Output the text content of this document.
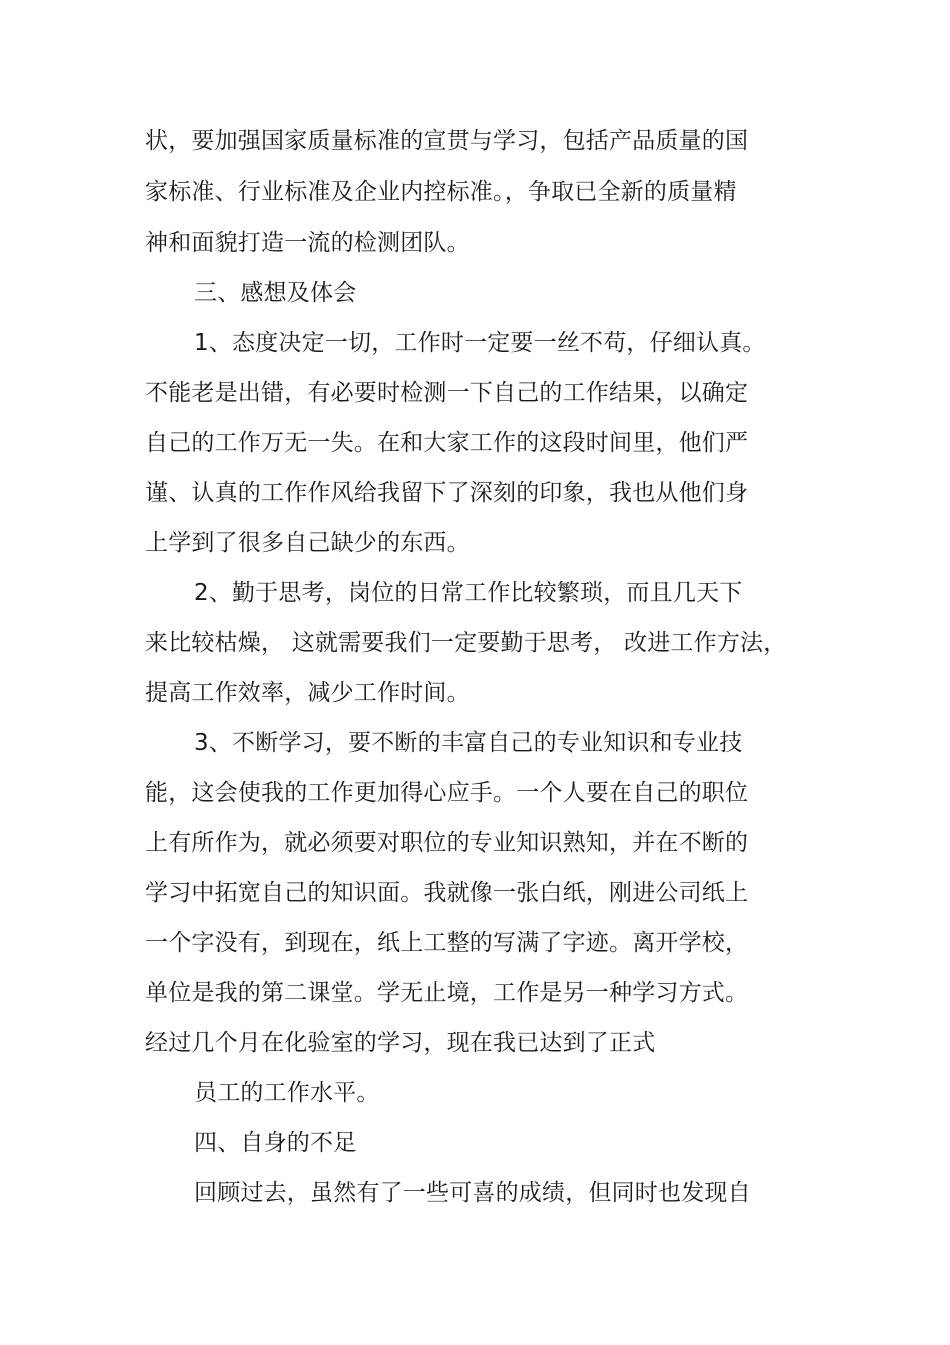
状，要加强国家质量标准的宣贯与学习，包括产品质量的国
家标准、行业标准及企业内控标准。，争取已全新的质量精
神和面貌打造一流的检测团队。
三、感想及体会
1、态度决定一切，工作时一定要一丝不苟，仔细认真。
不能老是出错，有必要时检测一下自己的工作结果，以确定
自己的工作万无一失。在和大家工作的这段时间里，他们严
谨、认真的工作作风给我留下了深刻的印象，我也从他们身
上学到了很多自己缺少的东西。
2、勤于思考，岗位的日常工作比较繁琐，而且几天下
来比较枯燥， 这就需要我们一定要勤于思考， 改进工作方法，
提高工作效率，减少工作时间。
3、不断学习，要不断的丰富自己的专业知识和专业技
能，这会使我的工作更加得心应手。一个人要在自己的职位
上有所作为，就必须要对职位的专业知识熟知，并在不断的
学习中拓宽自己的知识面。我就像一张白纸，刚进公司纸上
一个字没有，到现在，纸上工整的写满了字迹。离开学校，
单位是我的第二课堂。学无止境，工作是另一种学习方式。
经过几个月在化验室的学习，现在我已达到了正式
员工的工作水平。
四、自身的不足
回顾过去，虽然有了一些可喜的成绩，但同时也发现自
